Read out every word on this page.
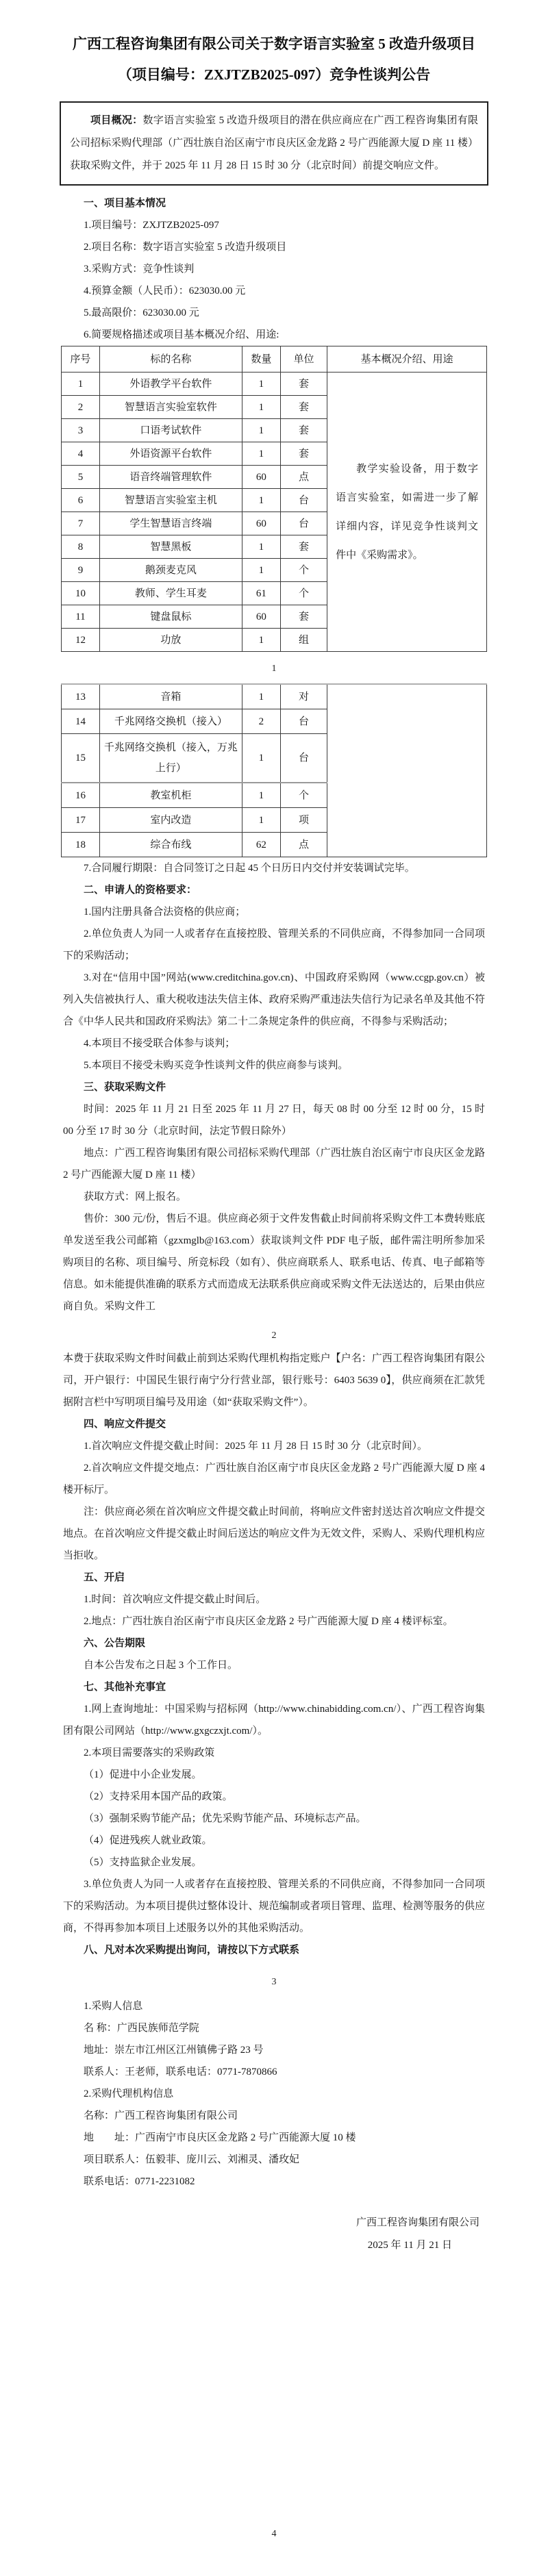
广西工程咨询集团有限公司关于数字语言实验室 5 改造升级项目
（项目编号：ZXJTZB2025-097）竞争性谈判公告

项目概况：数字语言实验室 5 改造升级项目的潜在供应商应在广西工程咨询集团有限公司招标采购代理部（广西壮族自治区南宁市良庆区金龙路 2 号广西能源大厦 D 座 11 楼）获取采购文件，并于 2025 年 11 月 28 日 15 时 30 分（北京时间）前提交响应文件。

一、项目基本情况

1.项目编号：ZXJTZB2025-097

2.项目名称：数字语言实验室 5 改造升级项目

3.采购方式：竞争性谈判

4.预算金额（人民币）：623030.00 元

5.最高限价：623030.00 元

6.简要规格描述或项目基本概况介绍、用途:

序号	标的名称	数量	单位	基本概况介绍、用途
1	外语教学平台软件	1	套	教学实验设备，用于数字语言实验室，如需进一步了解详细内容，详见竞争性谈判文件中《采购需求》。
2	智慧语言实验室软件	1	套	
3	口语考试软件	1	套	
4	外语资源平台软件	1	套	
5	语音终端管理软件	60	点	
6	智慧语言实验室主机	1	台	
7	学生智慧语言终端	60	台	
8	智慧黑板	1	套	
9	鹅颈麦克风	1	个	
10	教师、学生耳麦	61	个	
11	键盘鼠标	60	套	
12	功放	1	组	
1
13	音箱	1	对	
14	千兆网络交换机（接入）	2	台	
15	千兆网络交换机（接入，万兆上行）	1	台	
16	教室机柜	1	个	
17	室内改造	1	项	
18	综合布线	62	点	

7.合同履行期限：自合同签订之日起 45 个日历日内交付并安装调试完毕。

二、申请人的资格要求：

1.国内注册具备合法资格的供应商；

2.单位负责人为同一人或者存在直接控股、管理关系的不同供应商，不得参加同一合同项下的采购活动；

3.对在“信用中国”网站(www.creditchina.gov.cn)、中国政府采购网（www.ccgp.gov.cn）被列入失信被执行人、重大税收违法失信主体、政府采购严重违法失信行为记录名单及其他不符合《中华人民共和国政府采购法》第二十二条规定条件的供应商，不得参与采购活动；

4.本项目不接受联合体参与谈判；

5.本项目不接受未购买竞争性谈判文件的供应商参与谈判。

三、获取采购文件

时间：2025 年 11 月 21 日至 2025 年 11 月 27 日，每天 08 时 00 分至 12 时 00 分，15 时 00 分至 17 时 30 分（北京时间，法定节假日除外）

地点：广西工程咨询集团有限公司招标采购代理部（广西壮族自治区南宁市良庆区金龙路 2 号广西能源大厦 D 座 11 楼）

获取方式：网上报名。

售价：300 元/份，售后不退。供应商必须于文件发售截止时间前将采购文件工本费转账底单发送至我公司邮箱（gzxmglb@163.com）获取谈判文件 PDF 电子版，邮件需注明所参加采购项目的名称、项目编号、所竞标段（如有）、供应商联系人、联系电话、传真、电子邮箱等信息。如未能提供准确的联系方式而造成无法联系供应商或采购文件无法送达的，后果由供应商自负。采购文件工

2

本费于获取采购文件时间截止前到达采购代理机构指定账户【户名：广西工程咨询集团有限公司，开户银行：中国民生银行南宁分行营业部，银行账号：6403 5639 0】，供应商须在汇款凭据附言栏中写明项目编号及用途（如“获取采购文件”）。

四、响应文件提交

1.首次响应文件提交截止时间：2025 年 11 月 28 日 15 时 30 分（北京时间）。

2.首次响应文件提交地点：广西壮族自治区南宁市良庆区金龙路 2 号广西能源大厦 D 座 4 楼开标厅。

注：供应商必须在首次响应文件提交截止时间前，将响应文件密封送达首次响应文件提交地点。在首次响应文件提交截止时间后送达的响应文件为无效文件，采购人、采购代理机构应当拒收。

五、开启

1.时间：首次响应文件提交截止时间后。

2.地点：广西壮族自治区南宁市良庆区金龙路 2 号广西能源大厦 D 座 4 楼评标室。

六、公告期限

自本公告发布之日起 3 个工作日。

七、其他补充事宜

1.网上查询地址：中国采购与招标网（http://www.chinabidding.com.cn/）、广西工程咨询集团有限公司网站（http://www.gxgczxjt.com/）。

2.本项目需要落实的采购政策

（1）促进中小企业发展。

（2）支持采用本国产品的政策。

（3）强制采购节能产品；优先采购节能产品、环境标志产品。

（4）促进残疾人就业政策。

（5）支持监狱企业发展。

3.单位负责人为同一人或者存在直接控股、管理关系的不同供应商，不得参加同一合同项下的采购活动。为本项目提供过整体设计、规范编制或者项目管理、监理、检测等服务的供应商，不得再参加本项目上述服务以外的其他采购活动。

八、凡对本次采购提出询问，请按以下方式联系

3

1.采购人信息

名 称：广西民族师范学院

地址：崇左市江州区江州镇佛子路 23 号

联系人：王老师，联系电话：0771-7870866

2.采购代理机构信息

名称：广西工程咨询集团有限公司

地　　址：广西南宁市良庆区金龙路 2 号广西能源大厦 10 楼

项目联系人：伍毅菲、庞川云、刘湘灵、潘玫妃

联系电话：0771-2231082

广西工程咨询集团有限公司
2025 年 11 月 21 日
4
